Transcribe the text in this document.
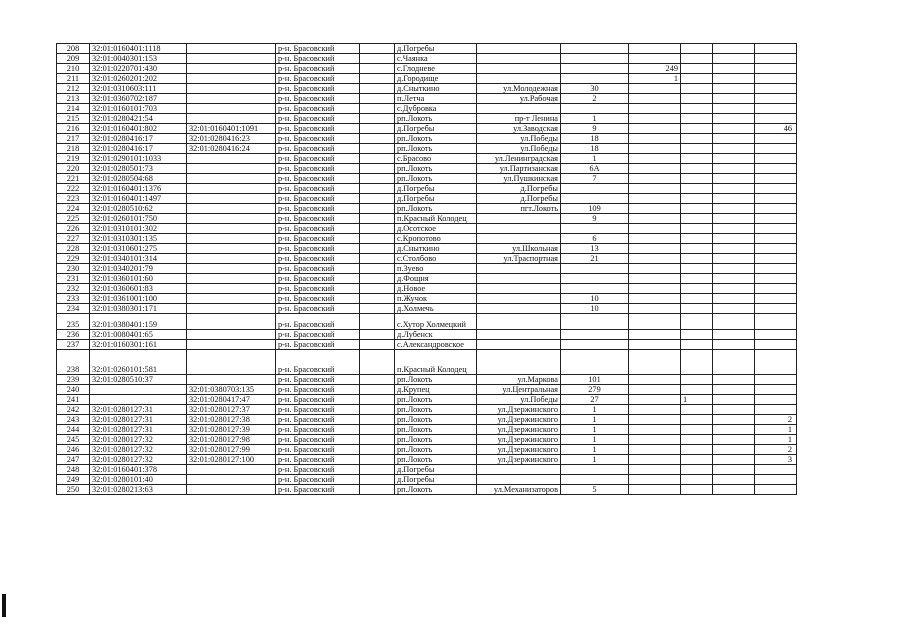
208	32:01:0160401:1118		р-н. Брасовский		д.Погребы						
209	32:01:0040301:153		р-н. Брасовский		с.Чаянка						
210	32:01:0220701:430		р-н. Брасовский		с.Глодневе			249			
211	32:01:0260201:202		р-н. Брасовский		д.Городище			1			
212	32:01:0310603:111		р-н. Брасовский		д.Сныткино	ул.Молодежная	30				
213	32:01:0360702:187		р-н. Брасовский		п.Летча	ул.Рабочая	2				
214	32:01:0160101:703		р-н. Брасовский		с.Дубровка						
215	32:01:0280421:54		р-н. Брасовский		рп.Локоть	пр-т Ленина	1				
216	32:01:0160401:802	32:01:0160401:1091	р-н. Брасовский		д.Погребы	ул.Заводская	9				46
217	32:01:0280416:17	32:01:0280416:23	р-н. Брасовский		рп.Локоть	ул.Победы	18				
218	32:01:0280416:17	32:01:0280416:24	р-н. Брасовский		рп.Локоть	ул.Победы	18				
219	32:01:0290101:1033		р-н. Брасовский		с.Брасово	ул.Ленинградская	1				
220	32:01:0280501:73		р-н. Брасовский		рп.Локоть	ул.Партизанская	6А				
221	32:01:0280504:68		р-н. Брасовский		рп.Локоть	ул.Пушкинская	7				
222	32:01:0160401:1376		р-н. Брасовский		д.Погребы	д.Погребы					
223	32:01:0160401:1497		р-н. Брасовский		д.Погребы	д.Погребы					
224	32:01:0280510:62		р-н. Брасовский		рп.Локоть	пгт.Локоть	109				
225	32:01:0260101:750		р-н. Брасовский		п.Красный Колодец		9				
226	32:01:0310101:302		р-н. Брасовский		д.Осотское						
227	32:01:0310301:135		р-н. Брасовский		с.Кропотово		6				
228	32:01:0310601:275		р-н. Брасовский		д.Сныткино	ул.Школьная	13				
229	32:01:0340101:314		р-н. Брасовский		с.Столбово	ул.Траспортная	21				
230	32:01:0340201:79		р-н. Брасовский		п.Зуево						
231	32:01:0360101:60		р-н. Брасовский		д.Фощня						
232	32:01:0360601:83		р-н. Брасовский		д.Новое						
233	32:01:0361001:100		р-н. Брасовский		п.Жучок		10				
234	32:01:0380301:171		р-н. Брасовский		д.Холмечь		10				
235	32:01:0380401:159		р-н. Брасовский		с.Хутор Холмецкий						
236	32:01:0080401:65		р-н. Брасовский		д.Лубенск						
237	32:01:0160301:161		р-н. Брасовский		с.Александровское						
238	32:01:0260101:581		р-н. Брасовский		п.Красный Колодец						
239	32:01:0280510:37		р-н. Брасовский		рп.Локоть	ул.Маркова	101				
240		32:01:0380703:135	р-н. Брасовский		д.Крупец	ул.Центральная	279				
241		32:01:0280417:47	р-н. Брасовский		рп.Локоть	ул.Победы	27		1		
242	32:01:0280127:31	32:01:0280127:37	р-н. Брасовский		рп.Локоть	ул.Дзержинского	1				
243	32:01:0280127:31	32:01:0280127:38	р-н. Брасовский		рп.Локоть	ул.Дзержинского	1				2
244	32:01:0280127:31	32:01:0280127:39	р-н. Брасовский		рп.Локоть	ул.Дзержинского	1				1
245	32:01:0280127:32	32:01:0280127:98	р-н. Брасовский		рп.Локоть	ул.Дзержинского	1				1
246	32:01:0280127:32	32:01:0280127:99	р-н. Брасовский		рп.Локоть	ул.Дзержинского	1				2
247	32:01:0280127:32	32:01:0280127:100	р-н. Брасовский		рп.Локоть	ул.Дзержинского	1				3
248	32:01:0160401:378		р-н. Брасовский		д.Погребы						
249	32:01:0280101:40		р-н. Брасовский		д.Погребы						
250	32:01:0280213:63		р-н. Брасовский		рп.Локоть	ул.Механизаторов	5				
